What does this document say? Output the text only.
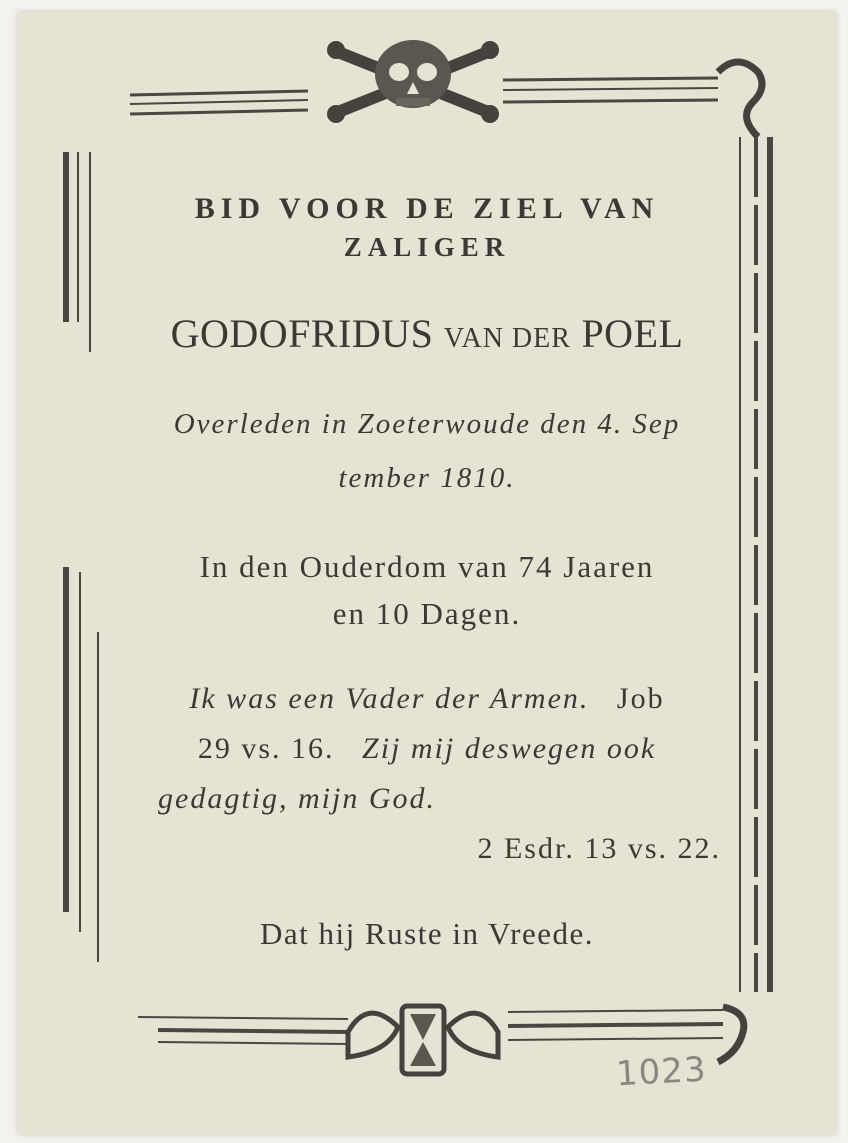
BID VOOR DE ZIEL VAN
ZALIGER
GODOFRIDUS VAN DER POEL
Overleden in Zoeterwoude den 4. Sep
tember 1810.
In den Ouderdom van 74 Jaaren
en 10 Dagen.
Ik was een Vader der Armen. Job
29 vs. 16. Zij mij deswegen ook
gedagtig, mijn God.
2 Esdr. 13 vs. 22.
Dat hij Ruste in Vreede.
1023
